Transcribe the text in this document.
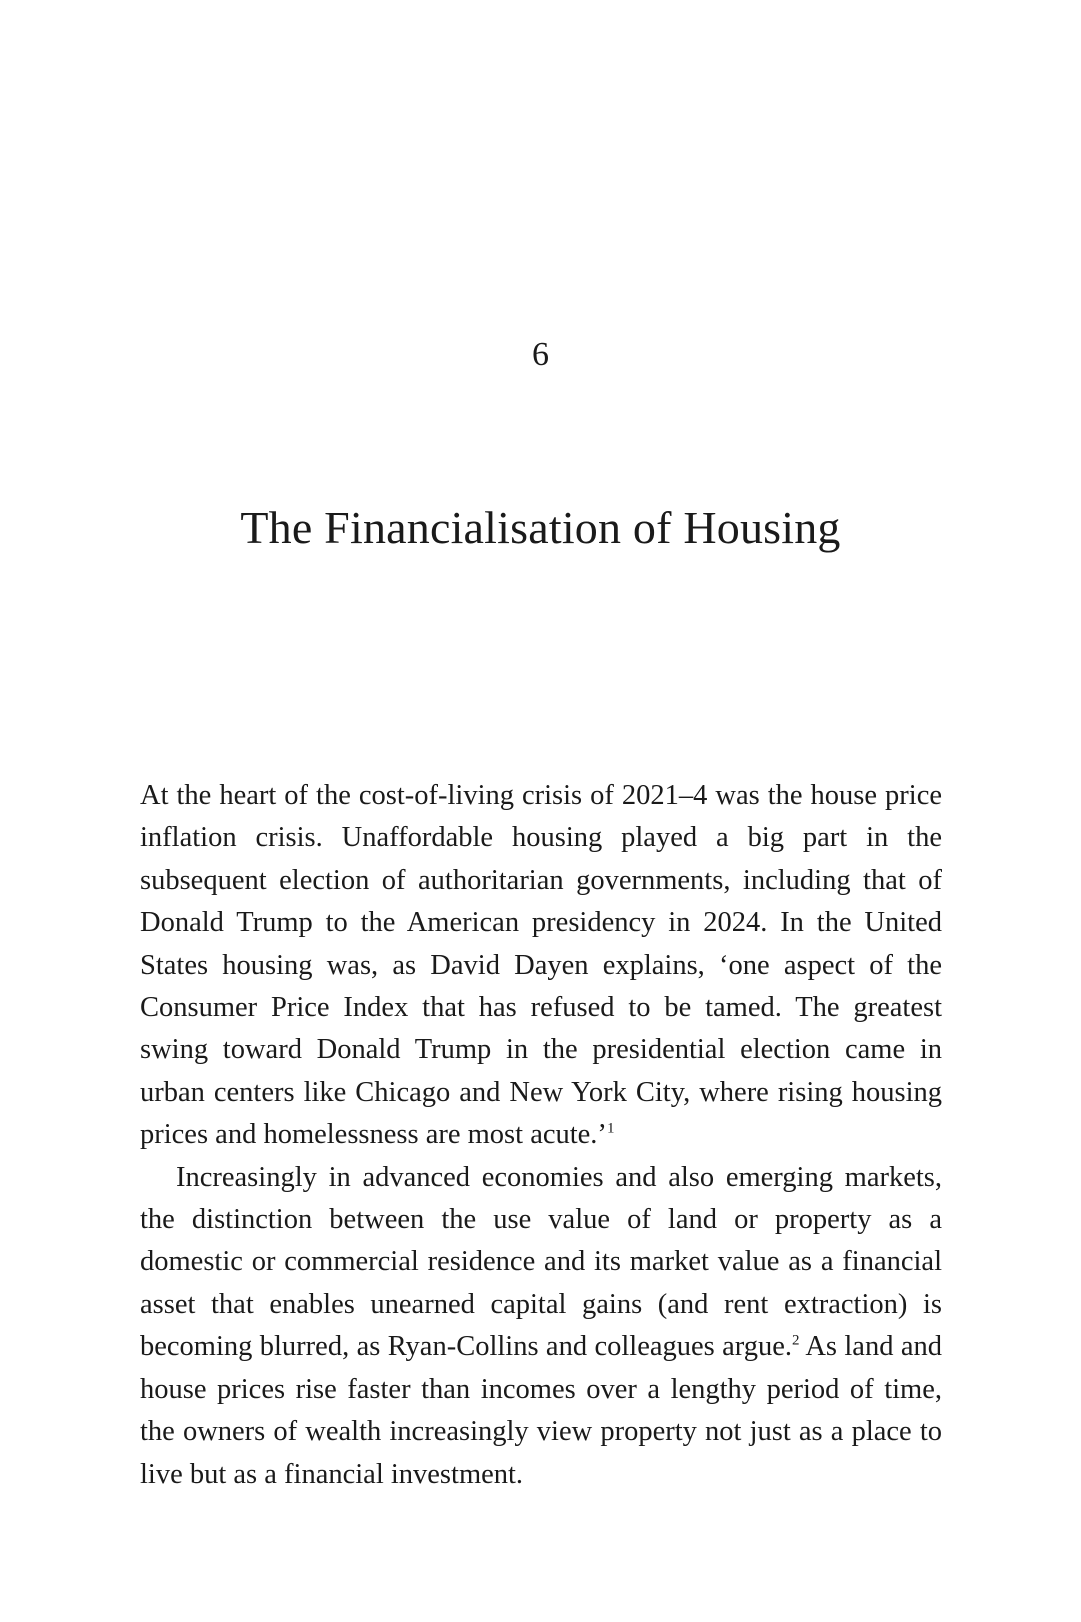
6
The Financialisation of Housing

At the heart of the cost-of-living crisis of 2021–4 was the house price inflation crisis. Unaffordable housing played a big part in the subsequent election of authoritarian governments, including that of Donald Trump to the American presidency in 2024. In the United States housing was, as David Dayen explains, ‘one aspect of the Consumer Price Index that has refused to be tamed. The greatest swing toward Donald Trump in the presidential election came in urban centers like Chicago and New York City, where rising housing prices and homelessness are most acute.’$^1$

Increasingly in advanced economies and also emerging markets, the distinction between the use value of land or property as a domestic or commercial residence and its market value as a financial asset that enables unearned capital gains (and rent extraction) is becoming blurred, as Ryan-Collins and colleagues argue.$^2$ As land and house prices rise faster than incomes over a lengthy period of time, the owners of wealth increasingly view property not just as a place to live but as a financial investment.
